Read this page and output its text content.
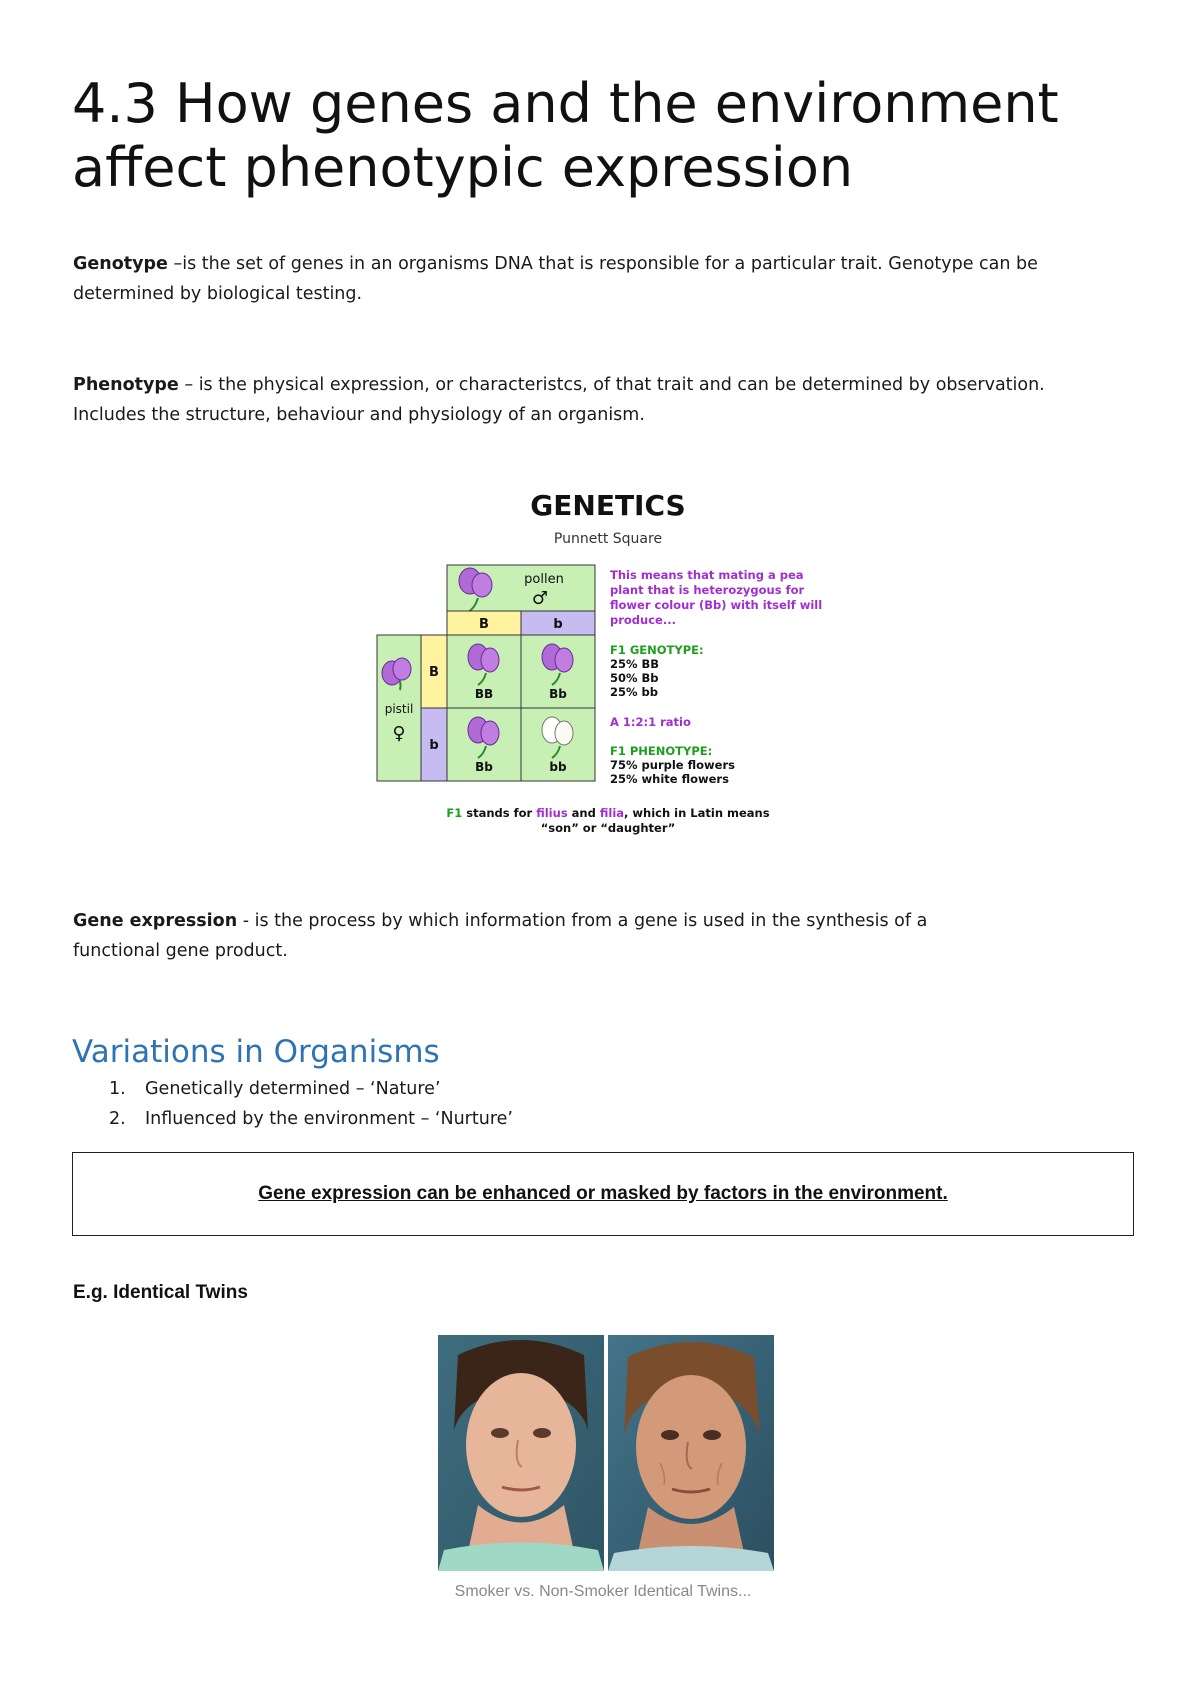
4.3 How genes and the environment affect phenotypic expression

Genotype –is the set of genes in an organisms DNA that is responsible for a particular trait. Genotype can be determined by biological testing.

Phenotype – is the physical expression, or characteristcs, of that trait and can be determined by observation. Includes the structure, behaviour and physiology of an organism.

GENETICS
Punnett Square
pollen
♂
B	b
pistil
♀
B
b
BB	Bb
Bb	bb
This means that mating a pea
plant that is heterozygous for
flower colour (Bb) with itself will
produce...
F1 GENOTYPE:
25% BB
50% Bb
25% bb
A 1:2:1 ratio
F1 PHENOTYPE:
75% purple flowers
25% white flowers
F1 stands for filius and filia, which in Latin means
“son” or “daughter”

Gene expression - is the process by which information from a gene is used in the synthesis of a functional gene product.

Variations in Organisms
1.	Genetically determined – ‘Nature’
2.	Influenced by the environment – ‘Nurture’
Gene expression can be enhanced or masked by factors in the environment.

E.g. Identical Twins

Smoker vs. Non-Smoker Identical Twins...
